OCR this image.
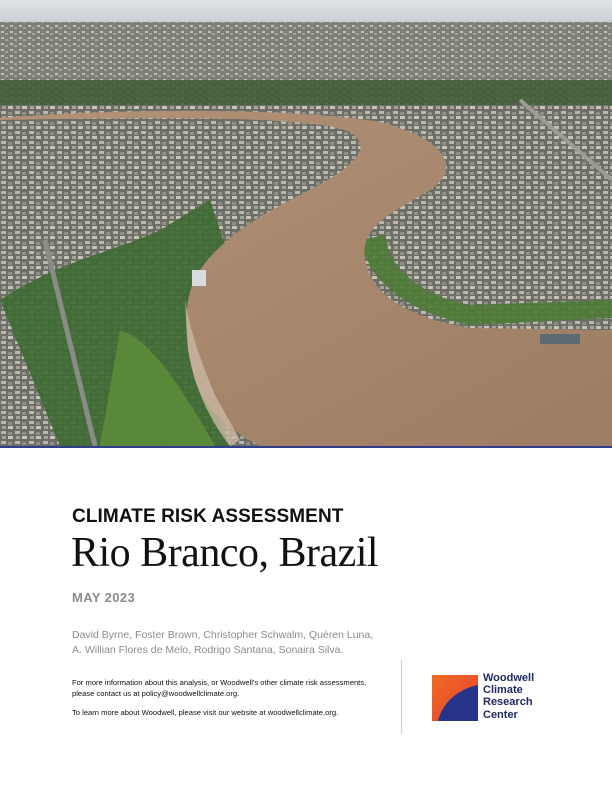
CLIMATE RISK ASSESSMENT
Rio Branco, Brazil
MAY 2023
David Byrne, Foster Brown, Christopher Schwalm, Quéren Luna,
A. Willian Flores de Melo, Rodrigo Santana, Sonaira Silva.

For more information about this analysis, or Woodwell's other climate risk assessments, please contact us at policy@woodwellclimate.org.

To learn more about Woodwell, please visit our website at woodwellclimate.org.

Woodwell
Climate
Research
Center
